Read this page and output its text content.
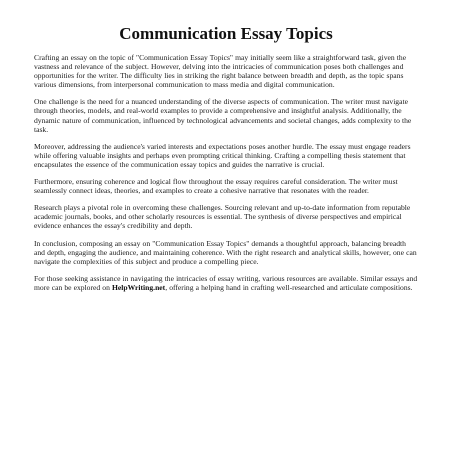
Communication Essay Topics

Crafting an essay on the topic of "Communication Essay Topics" may initially seem like a straightforward task, given the vastness and relevance of the subject. However, delving into the intricacies of communication poses both challenges and opportunities for the writer. The difficulty lies in striking the right balance between breadth and depth, as the topic spans various dimensions, from interpersonal communication to mass media and digital communication.

One challenge is the need for a nuanced understanding of the diverse aspects of communication. The writer must navigate through theories, models, and real-world examples to provide a comprehensive and insightful analysis. Additionally, the dynamic nature of communication, influenced by technological advancements and societal changes, adds complexity to the task.

Moreover, addressing the audience's varied interests and expectations poses another hurdle. The essay must engage readers while offering valuable insights and perhaps even prompting critical thinking. Crafting a compelling thesis statement that encapsulates the essence of the communication essay topics and guides the narrative is crucial.

Furthermore, ensuring coherence and logical flow throughout the essay requires careful consideration. The writer must seamlessly connect ideas, theories, and examples to create a cohesive narrative that resonates with the reader.

Research plays a pivotal role in overcoming these challenges. Sourcing relevant and up-to-date information from reputable academic journals, books, and other scholarly resources is essential. The synthesis of diverse perspectives and empirical evidence enhances the essay's credibility and depth.

In conclusion, composing an essay on "Communication Essay Topics" demands a thoughtful approach, balancing breadth and depth, engaging the audience, and maintaining coherence. With the right research and analytical skills, however, one can navigate the complexities of this subject and produce a compelling piece.

For those seeking assistance in navigating the intricacies of essay writing, various resources are available. Similar essays and more can be explored on HelpWriting.net, offering a helping hand in crafting well-researched and articulate compositions.
